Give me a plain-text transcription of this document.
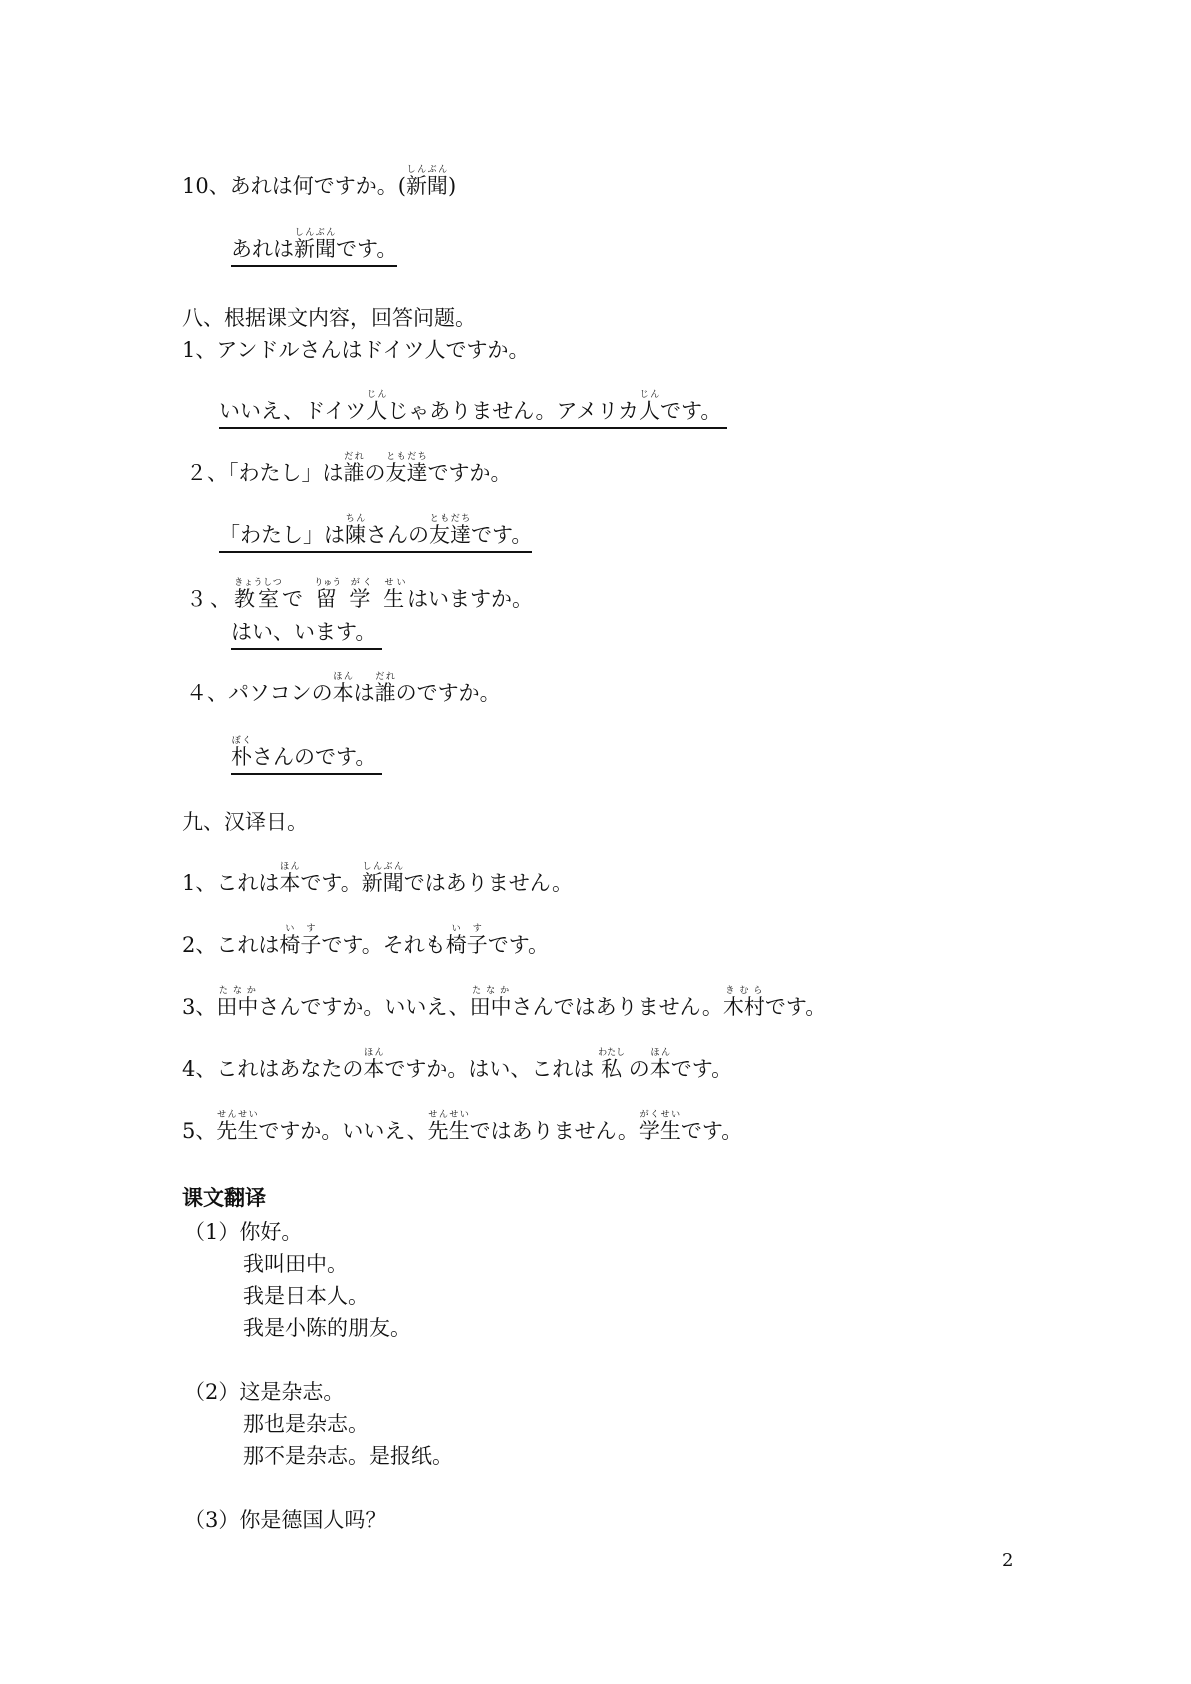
10、あれは何ですか。(新聞しんぶん)
あれは新聞しんぶんです。
八、根据课文内容，回答问题。
1、アンドルさんはドイツ人ですか。
いいえ、ドイツ人じんじゃありません。アメリカ人じんです。
２、「わたし」は誰だれの友達ともだちですか。
「わたし」は陳ちんさんの友達ともだちです。
３、教室きょうしつで 留りゅう 学がく 生せいはいますか。
はい、います。
４、パソコンの本ほんは誰だれのですか。
朴ぼくさんのです。
九、汉译日。
1、これは本ほんです。新聞しんぶんではありません。
2、これは椅子いすです。それも椅子いすです。
3、田中たなかさんですか。いいえ、田中たなかさんではありません。木村きむらです。
4、これはあなたの本ほんですか。はい、これは 私わたし の本ほんです。
5、先生せんせいですか。いいえ、先生せんせいではありません。学生がくせいです。
课文翻译
（1）你好。
我叫田中。
我是日本人。
我是小陈的朋友。
（2）这是杂志。
那也是杂志。
那不是杂志。是报纸。
（3）你是德国人吗？
2
